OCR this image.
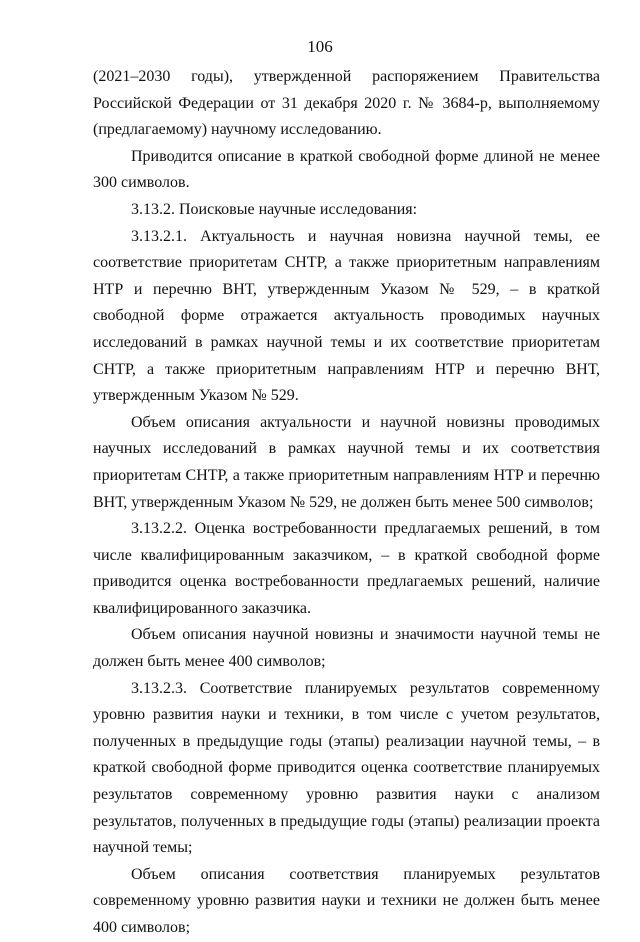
106

(2021–2030 годы), утвержденной распоряжением Правительства Российской Федерации от 31 декабря 2020 г. № 3684-р, выполняемому (предлагаемому) научному исследованию.

Приводится описание в краткой свободной форме длиной не менее 300 символов.

3.13.2. Поисковые научные исследования:

3.13.2.1. Актуальность и научная новизна научной темы, ее соответствие приоритетам СНТР, а также приоритетным направлениям НТР и перечню ВНТ, утвержденным Указом № 529, – в краткой свободной форме отражается актуальность проводимых научных исследований в рамках научной темы и их соответствие приоритетам СНТР, а также приоритетным направлениям НТР и перечню ВНТ, утвержденным Указом № 529.

Объем описания актуальности и научной новизны проводимых научных исследований в рамках научной темы и их соответствия приоритетам СНТР, а также приоритетным направлениям НТР и перечню ВНТ, утвержденным Указом № 529, не должен быть менее 500 символов;

3.13.2.2. Оценка востребованности предлагаемых решений, в том числе квалифицированным заказчиком, – в краткой свободной форме приводится оценка востребованности предлагаемых решений, наличие квалифицированного заказчика.

Объем описания научной новизны и значимости научной темы не должен быть менее 400 символов;

3.13.2.3. Соответствие планируемых результатов современному уровню развития науки и техники, в том числе с учетом результатов, полученных в предыдущие годы (этапы) реализации научной темы, – в краткой свободной форме приводится оценка соответствие планируемых результатов современному уровню развития науки с анализом результатов, полученных в предыдущие годы (этапы) реализации проекта научной темы;

Объем описания соответствия планируемых результатов современному уровню развития науки и техники не должен быть менее 400 символов;
